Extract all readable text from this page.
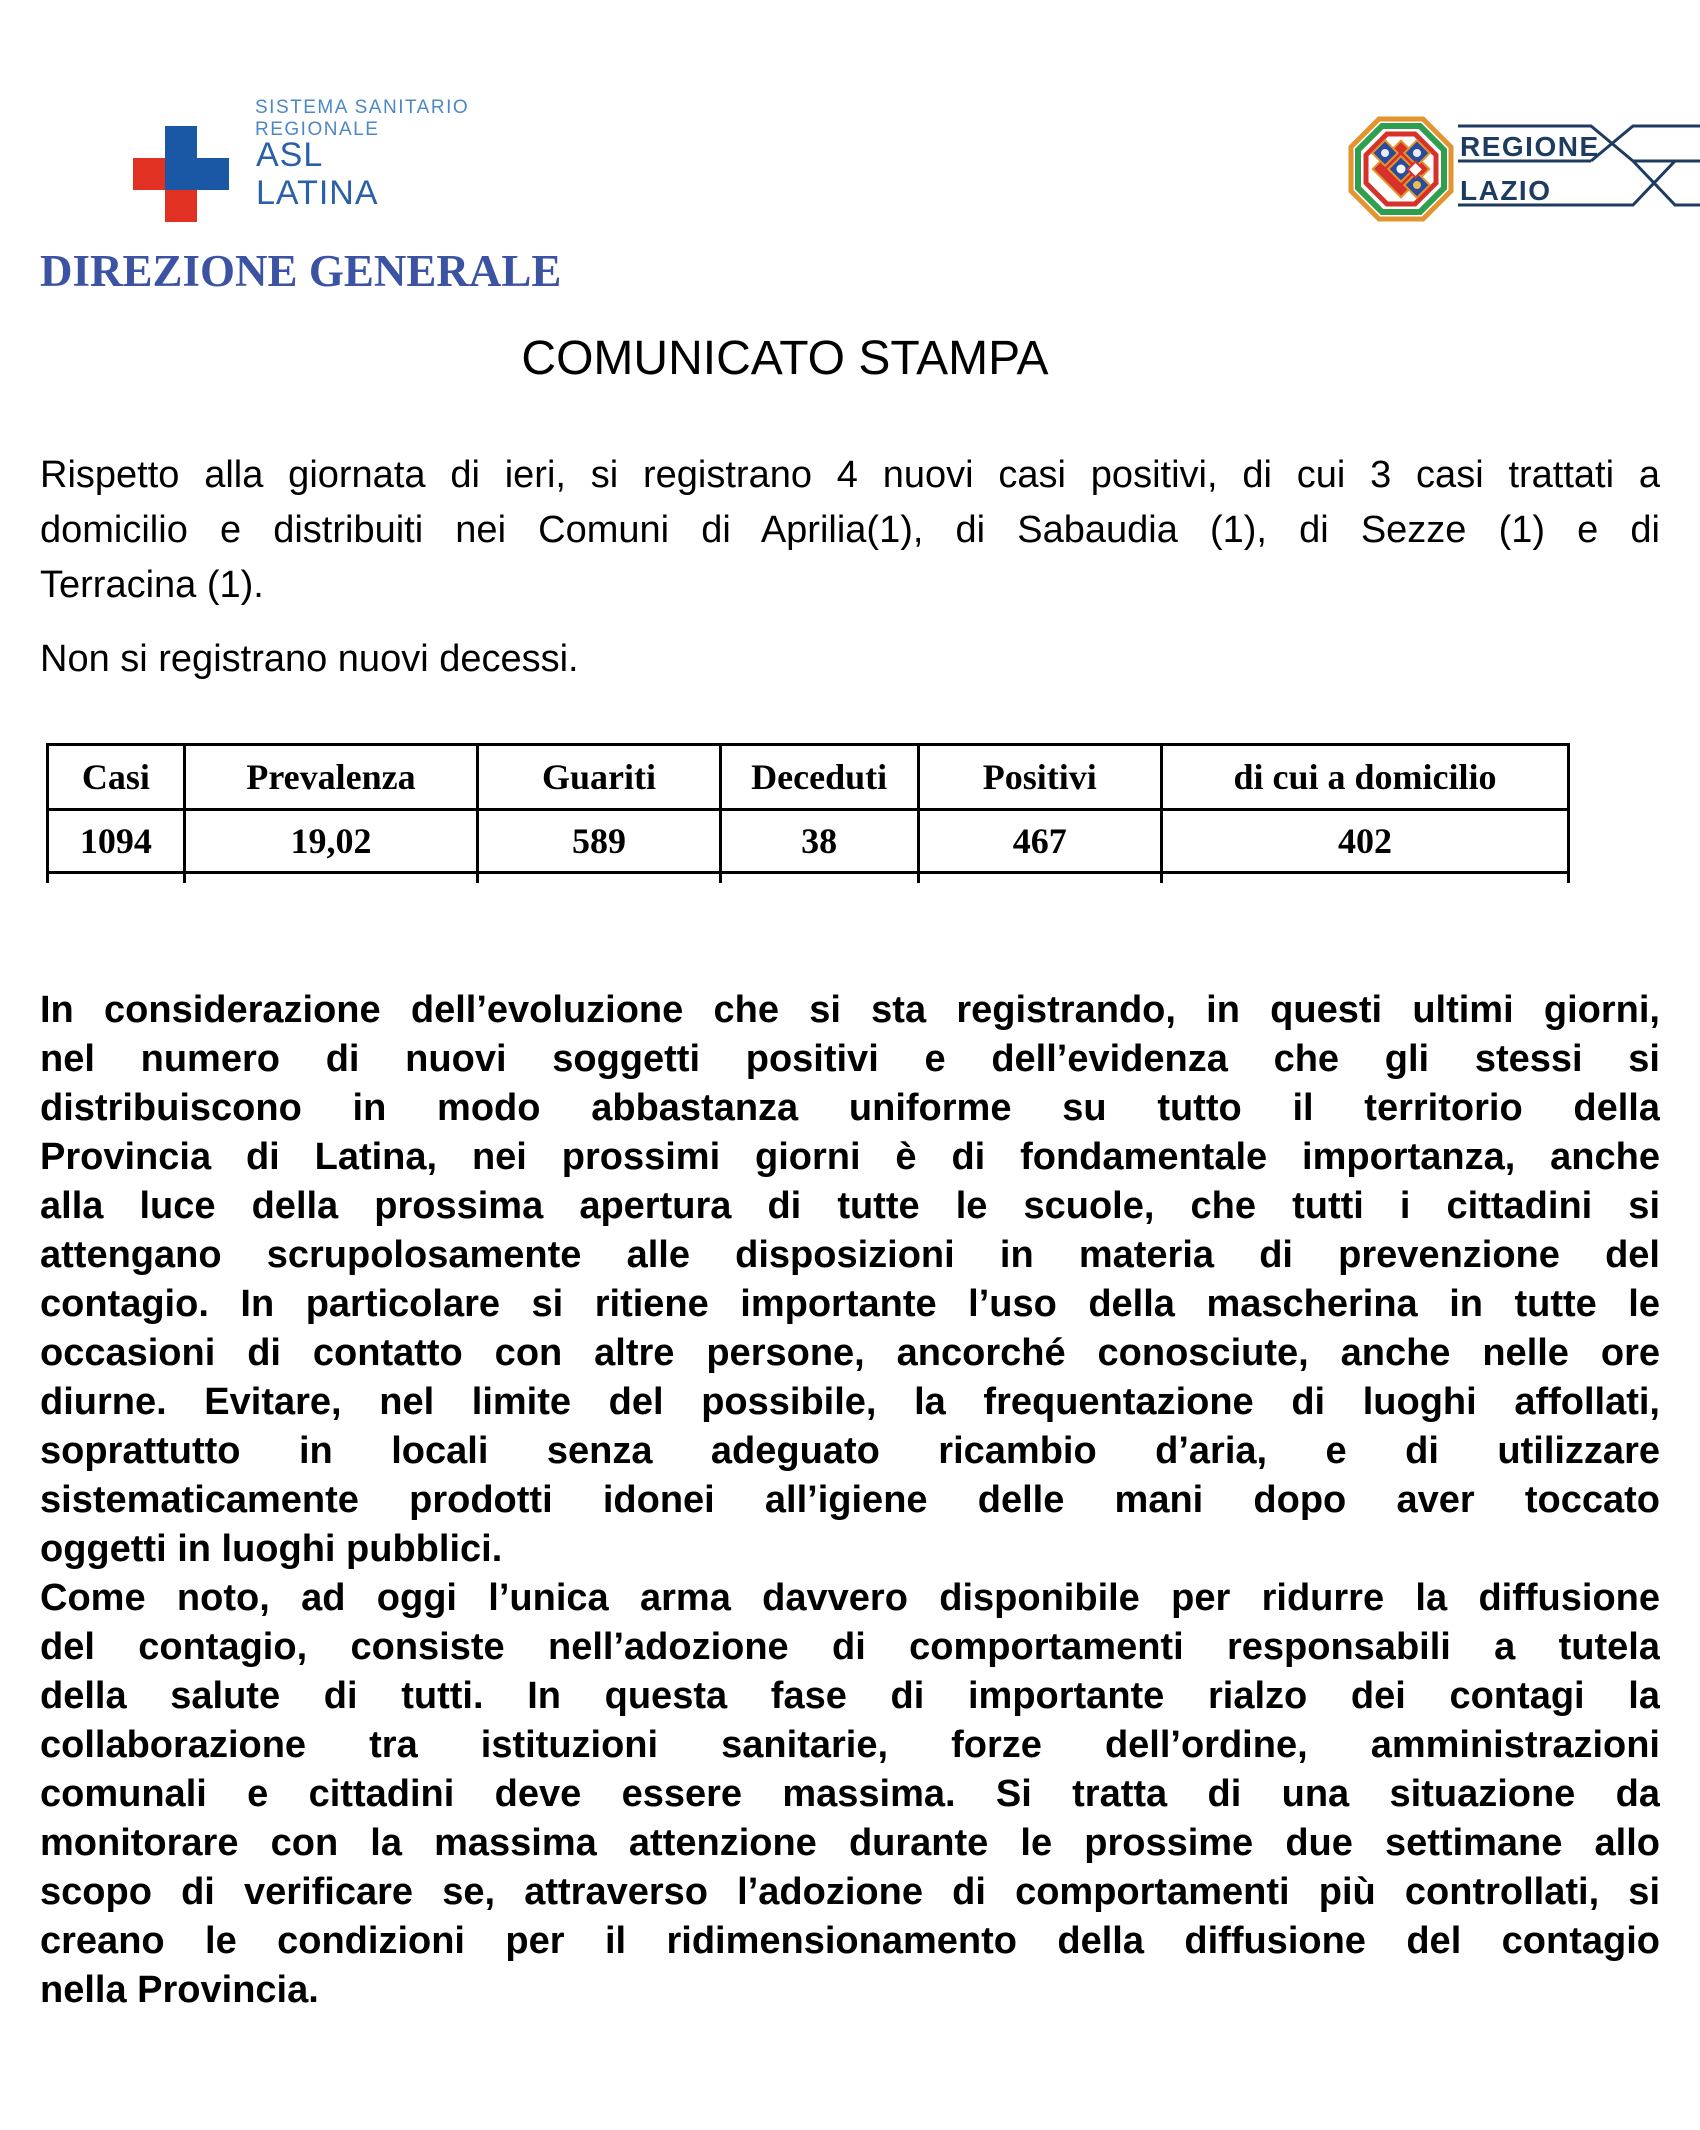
SISTEMA SANITARIO REGIONALE
ASL
LATINA
REGIONE
LAZIO
DIREZIONE GENERALE
COMUNICATO STAMPA
Rispetto alla giornata di ieri, si registrano 4 nuovi casi positivi, di cui 3 casi trattati a
domicilio e distribuiti nei Comuni di Aprilia(1), di Sabaudia (1), di Sezze (1) e di
Terracina (1).
Non si registrano nuovi decessi.
Casi	Prevalenza	Guariti	Deceduti	Positivi	di cui a domicilio
1094	19,02	589	38	467	402

In considerazione dell’evoluzione che si sta registrando, in questi ultimi giorni,
nel numero di nuovi soggetti positivi e dell’evidenza che gli stessi si
distribuiscono in modo abbastanza uniforme su tutto il territorio della
Provincia di Latina, nei prossimi giorni è di fondamentale importanza, anche
alla luce della prossima apertura di tutte le scuole, che tutti i cittadini si
attengano scrupolosamente alle disposizioni in materia di prevenzione del
contagio. In particolare si ritiene importante l’uso della mascherina in tutte le
occasioni di contatto con altre persone, ancorché conosciute, anche nelle ore
diurne. Evitare, nel limite del possibile, la frequentazione di luoghi affollati,
soprattutto in locali senza adeguato ricambio d’aria, e di utilizzare
sistematicamente prodotti idonei all’igiene delle mani dopo aver toccato
oggetti in luoghi pubblici.
Come noto, ad oggi l’unica arma davvero disponibile per ridurre la diffusione
del contagio, consiste nell’adozione di comportamenti responsabili a tutela
della salute di tutti. In questa fase di importante rialzo dei contagi la
collaborazione tra istituzioni sanitarie, forze dell’ordine, amministrazioni
comunali e cittadini deve essere massima. Si tratta di una situazione da
monitorare con la massima attenzione durante le prossime due settimane allo
scopo di verificare se, attraverso l’adozione di comportamenti più controllati, si
creano le condizioni per il ridimensionamento della diffusione del contagio
nella Provincia.
